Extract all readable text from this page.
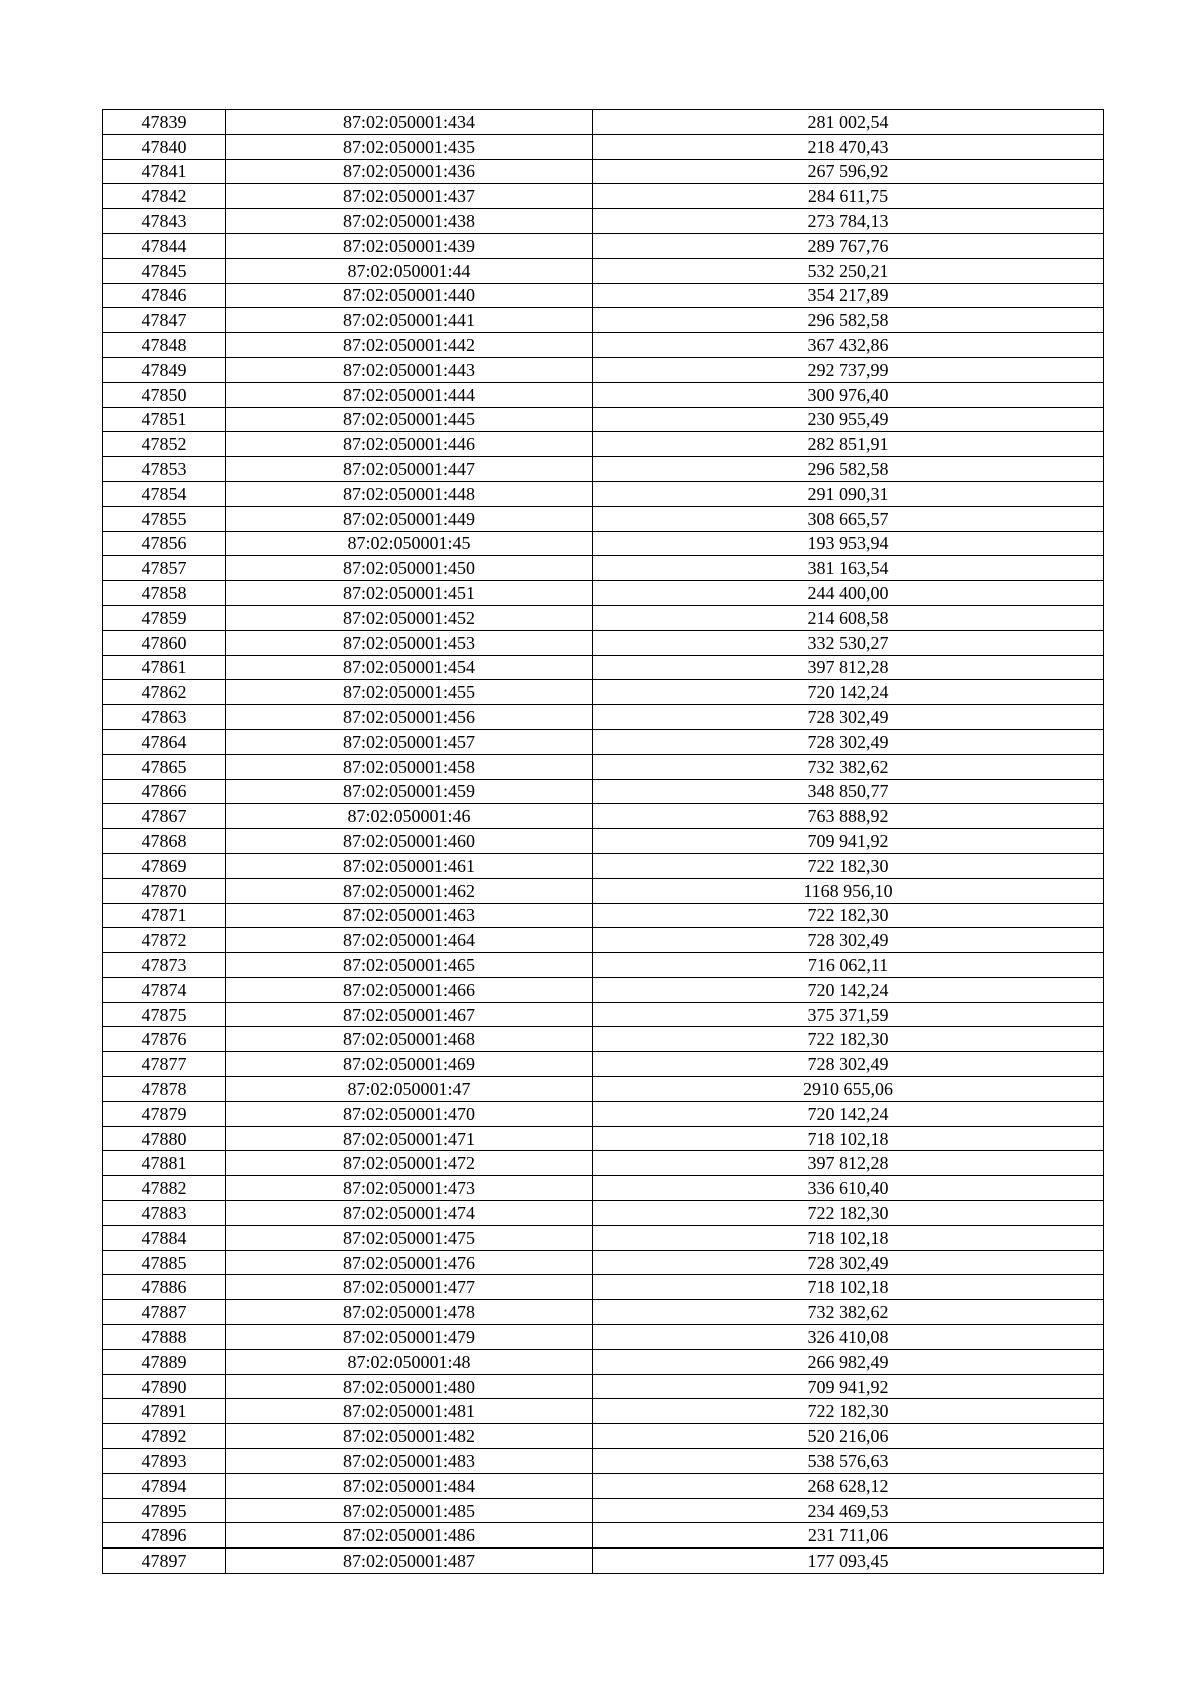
47839	87:02:050001:434	281 002,54
47840	87:02:050001:435	218 470,43
47841	87:02:050001:436	267 596,92
47842	87:02:050001:437	284 611,75
47843	87:02:050001:438	273 784,13
47844	87:02:050001:439	289 767,76
47845	87:02:050001:44	532 250,21
47846	87:02:050001:440	354 217,89
47847	87:02:050001:441	296 582,58
47848	87:02:050001:442	367 432,86
47849	87:02:050001:443	292 737,99
47850	87:02:050001:444	300 976,40
47851	87:02:050001:445	230 955,49
47852	87:02:050001:446	282 851,91
47853	87:02:050001:447	296 582,58
47854	87:02:050001:448	291 090,31
47855	87:02:050001:449	308 665,57
47856	87:02:050001:45	193 953,94
47857	87:02:050001:450	381 163,54
47858	87:02:050001:451	244 400,00
47859	87:02:050001:452	214 608,58
47860	87:02:050001:453	332 530,27
47861	87:02:050001:454	397 812,28
47862	87:02:050001:455	720 142,24
47863	87:02:050001:456	728 302,49
47864	87:02:050001:457	728 302,49
47865	87:02:050001:458	732 382,62
47866	87:02:050001:459	348 850,77
47867	87:02:050001:46	763 888,92
47868	87:02:050001:460	709 941,92
47869	87:02:050001:461	722 182,30
47870	87:02:050001:462	1168 956,10
47871	87:02:050001:463	722 182,30
47872	87:02:050001:464	728 302,49
47873	87:02:050001:465	716 062,11
47874	87:02:050001:466	720 142,24
47875	87:02:050001:467	375 371,59
47876	87:02:050001:468	722 182,30
47877	87:02:050001:469	728 302,49
47878	87:02:050001:47	2910 655,06
47879	87:02:050001:470	720 142,24
47880	87:02:050001:471	718 102,18
47881	87:02:050001:472	397 812,28
47882	87:02:050001:473	336 610,40
47883	87:02:050001:474	722 182,30
47884	87:02:050001:475	718 102,18
47885	87:02:050001:476	728 302,49
47886	87:02:050001:477	718 102,18
47887	87:02:050001:478	732 382,62
47888	87:02:050001:479	326 410,08
47889	87:02:050001:48	266 982,49
47890	87:02:050001:480	709 941,92
47891	87:02:050001:481	722 182,30
47892	87:02:050001:482	520 216,06
47893	87:02:050001:483	538 576,63
47894	87:02:050001:484	268 628,12
47895	87:02:050001:485	234 469,53
47896	87:02:050001:486	231 711,06
47897	87:02:050001:487	177 093,45
